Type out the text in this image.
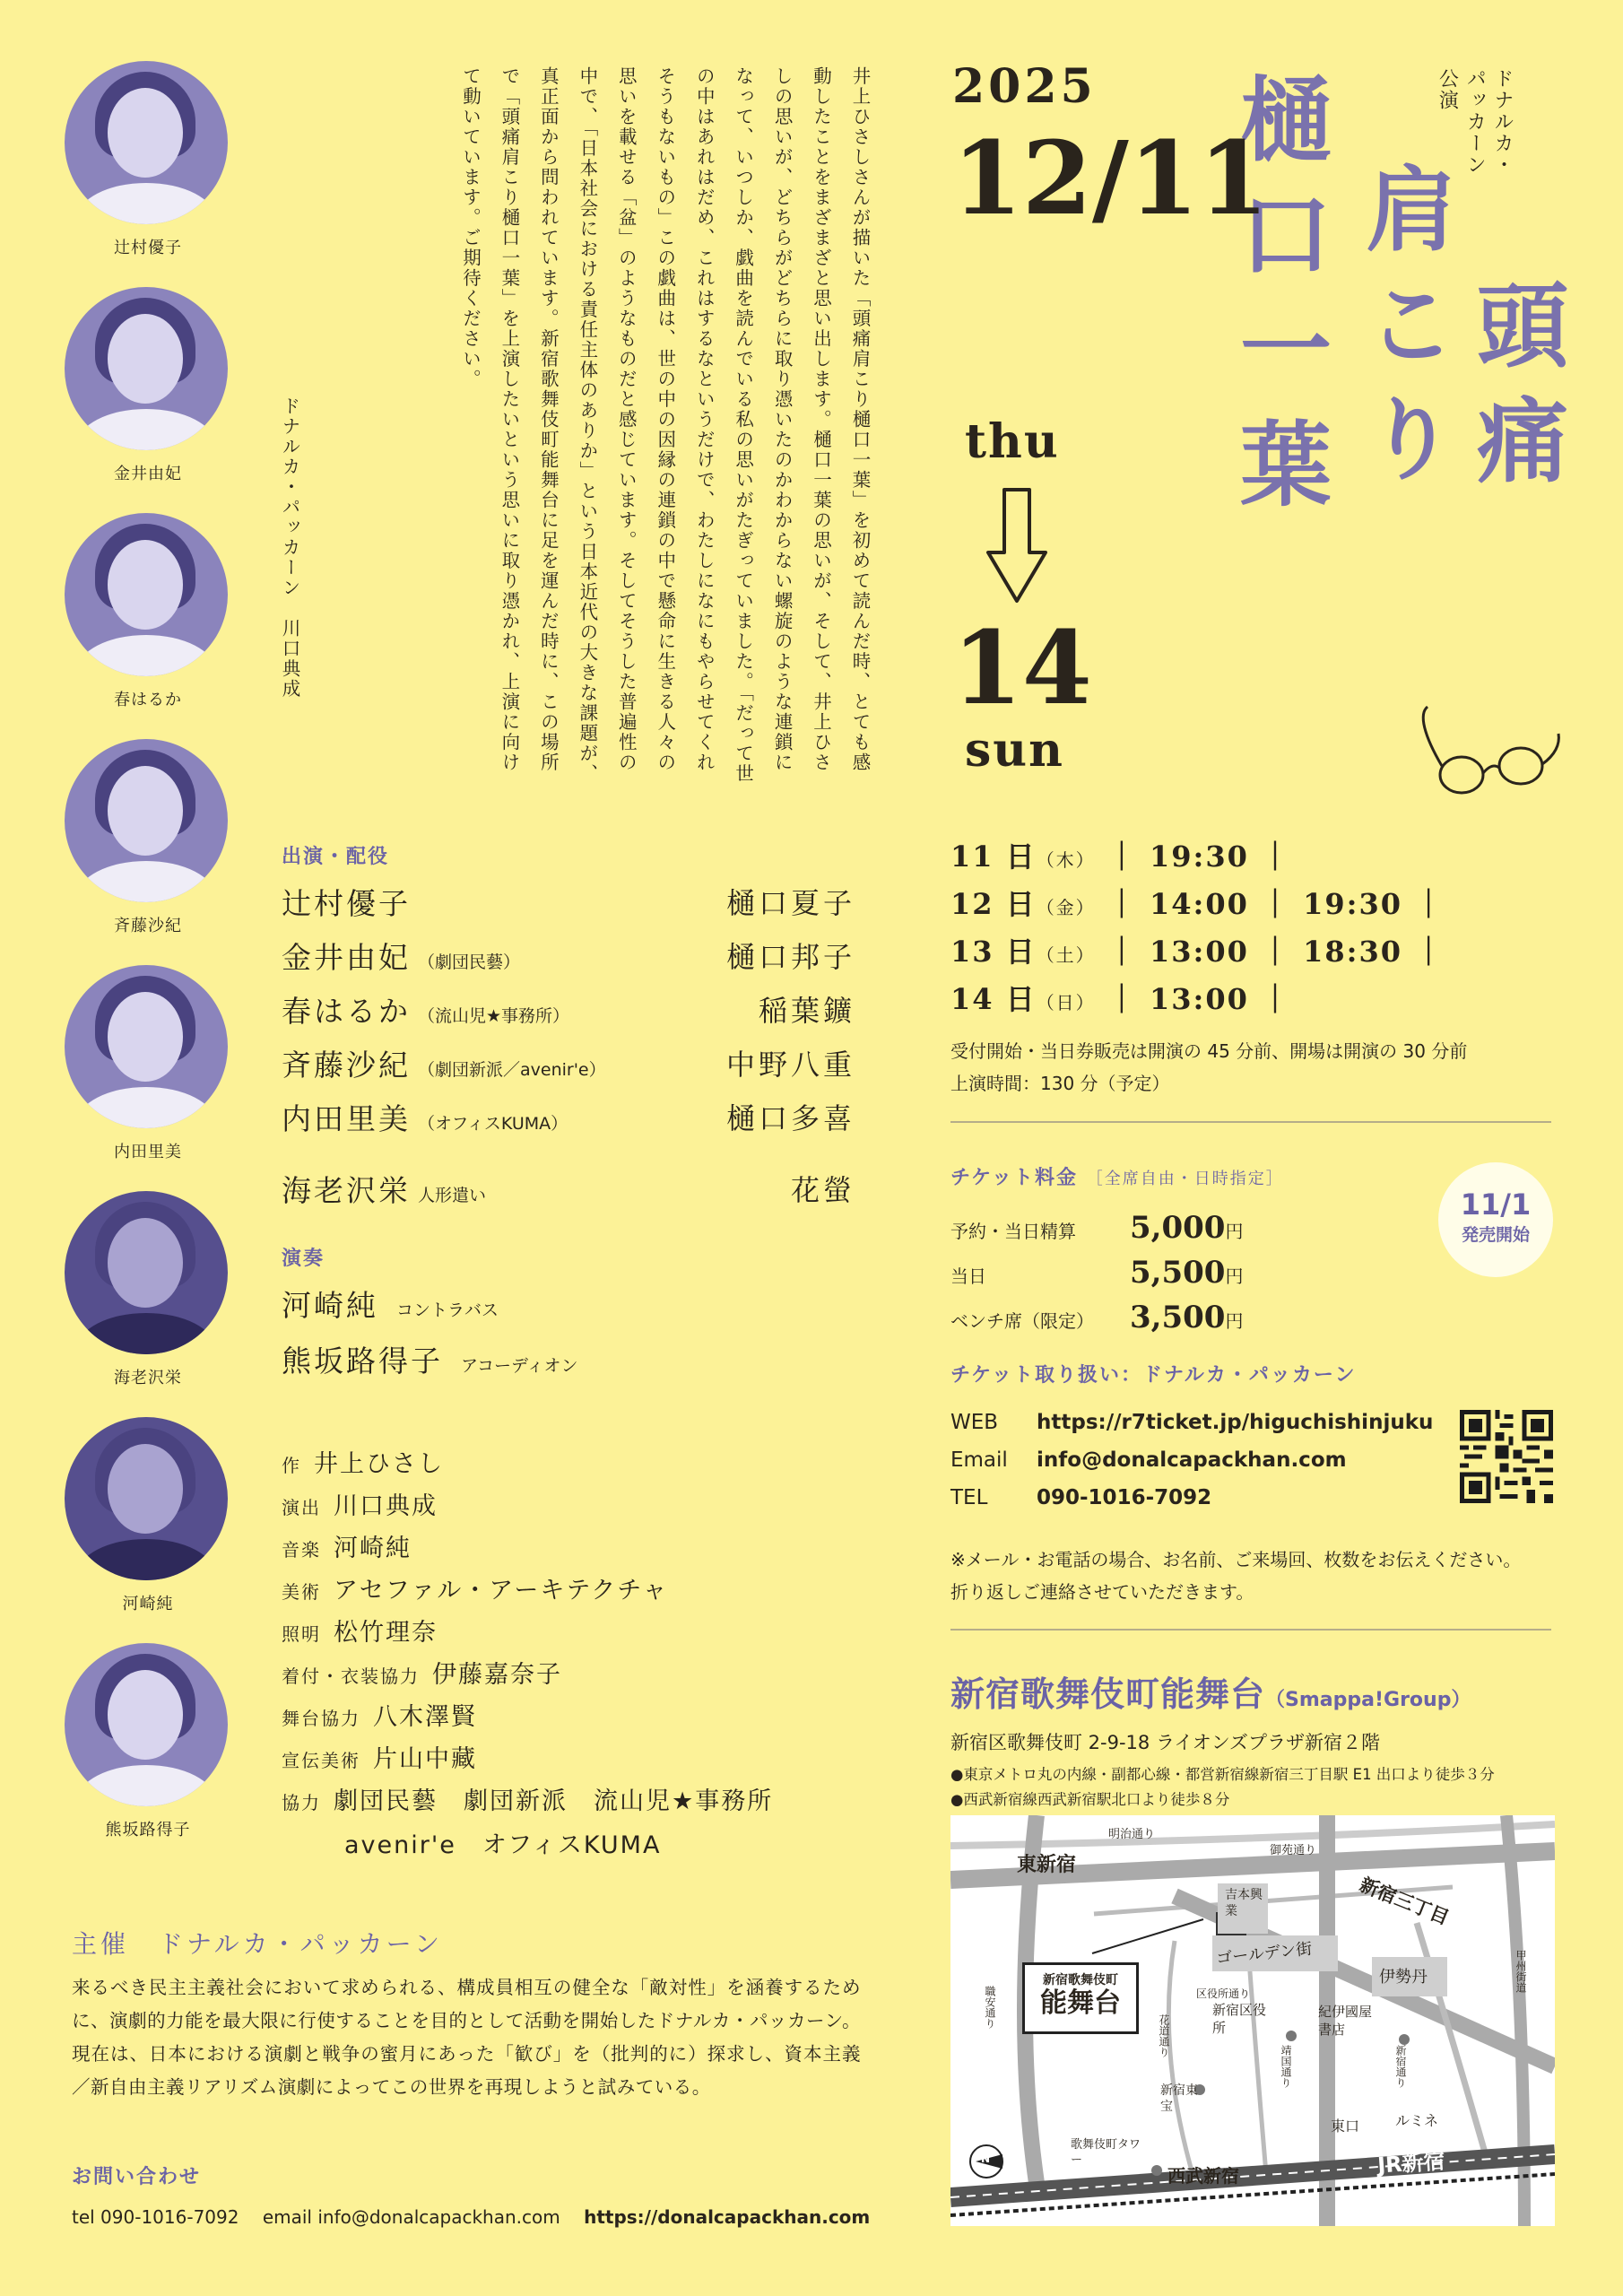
辻村優子
金井由妃
春はるか
斉藤沙紀
内田里美
海老沢栄
河崎純
熊坂路得子
井上ひさしさんが描いた「頭痛肩こり樋口一葉」を初めて読んだ時、とても感動したことをまざまざと思い出します。樋口一葉の思いが、そして、井上ひさしの思いが、どちらがどちらに取り憑いたのかわからない螺旋のような連鎖になって、いつしか、戯曲を読んでいる私の思いがたぎっていました。「だって世の中はあれはだめ、これはするなというだけで、わたしになにもやらせてくれそうもないもの」この戯曲は、世の中の因縁の連鎖の中で懸命に生きる人々の思いを載せる「盆」のようなものだと感じています。そしてそうした普遍性の中で、「日本社会における責任主体のありか」という日本近代の大きな課題が、真正面から問われています。新宿歌舞伎町能舞台に足を運んだ時に、この場所で「頭痛肩こり樋口一葉」を上演したいという思いに取り憑かれ、上演に向けて動いています。ご期待ください。
ドナルカ・パッカーン　川口典成
ドナルカ・
パッカーン
公演
頭痛
肩こり
樋口一葉
2025
12/11
thu
14
sun
11 日（木） ｜ 19:30 ｜
12 日（金） ｜ 14:00 ｜ 19:30 ｜
13 日（土） ｜ 13:00 ｜ 18:30 ｜
14 日（日） ｜ 13:00 ｜
受付開始・当日券販売は開演の 45 分前、開場は開演の 30 分前
上演時間：130 分（予定）
チケット料金 ［全席自由・日時指定］
予約・当日精算 5,000円
当日	5,500円
ベンチ席（限定） 3,500円
11/1
発売開始
チケット取り扱い：ドナルカ・パッカーン
WEB https://r7ticket.jp/higuchishinjuku
Email info@donalcapackhan.com
TEL 090-1016-7092
※メール・お電話の場合、お名前、ご来場回、枚数をお伝えください。
折り返しご連絡させていただきます。
新宿歌舞伎町能舞台（Smappa!Group）
新宿区歌舞伎町 2-9-18 ライオンズプラザ新宿２階
●東京メトロ丸の内線・副都心線・都営新宿線新宿三丁目駅 E1 出口より徒歩３分
●西武新宿線西武新宿駅北口より徒歩８分
東新宿
明治通り
御苑通り
新宿三丁目
吉本興業
ゴールデン街
伊勢丹
区役所通り
新宿区役所
紀伊國屋書店
新宿通り
靖国通り
甲州街道
職安通り
花道通り
新宿東宝
歌舞伎町タワー
西武新宿
東口 ルミネ
JR新宿
N
新宿歌舞伎町
能舞台
出演・配役
辻村優子	樋口夏子
金井由妃 （劇団民藝）	樋口邦子
春はるか （流山児★事務所）	稲葉鑛
斉藤沙紀 （劇団新派／avenir'e）	中野八重
内田里美 （オフィスKUMA）	樋口多喜
海老沢栄 人形遣い	花螢
演奏
河崎純 コントラバス
熊坂路得子 アコーディオン
作 井上ひさし
演出 川口典成
音楽 河崎純
美術 アセファル・アーキテクチャ
照明 松竹理奈
着付・衣装協力 伊藤嘉奈子
舞台協力 八木澤賢
宣伝美術 片山中藏
協力 劇団民藝　劇団新派　流山児★事務所
avenir'e　オフィスKUMA
主催　ドナルカ・パッカーン
来るべき民主主義社会において求められる、構成員相互の健全な「敵対性」を涵養するために、演劇的力能を最大限に行使することを目的として活動を開始したドナルカ・パッカーン。現在は、日本における演劇と戦争の蜜月にあった「歓び」を（批判的に）探求し、資本主義／新自由主義リアリズム演劇によってこの世界を再現しようと試みている。
お問い合わせ
tel 090-1016-7092　 email info@donalcapackhan.com https://donalcapackhan.com
